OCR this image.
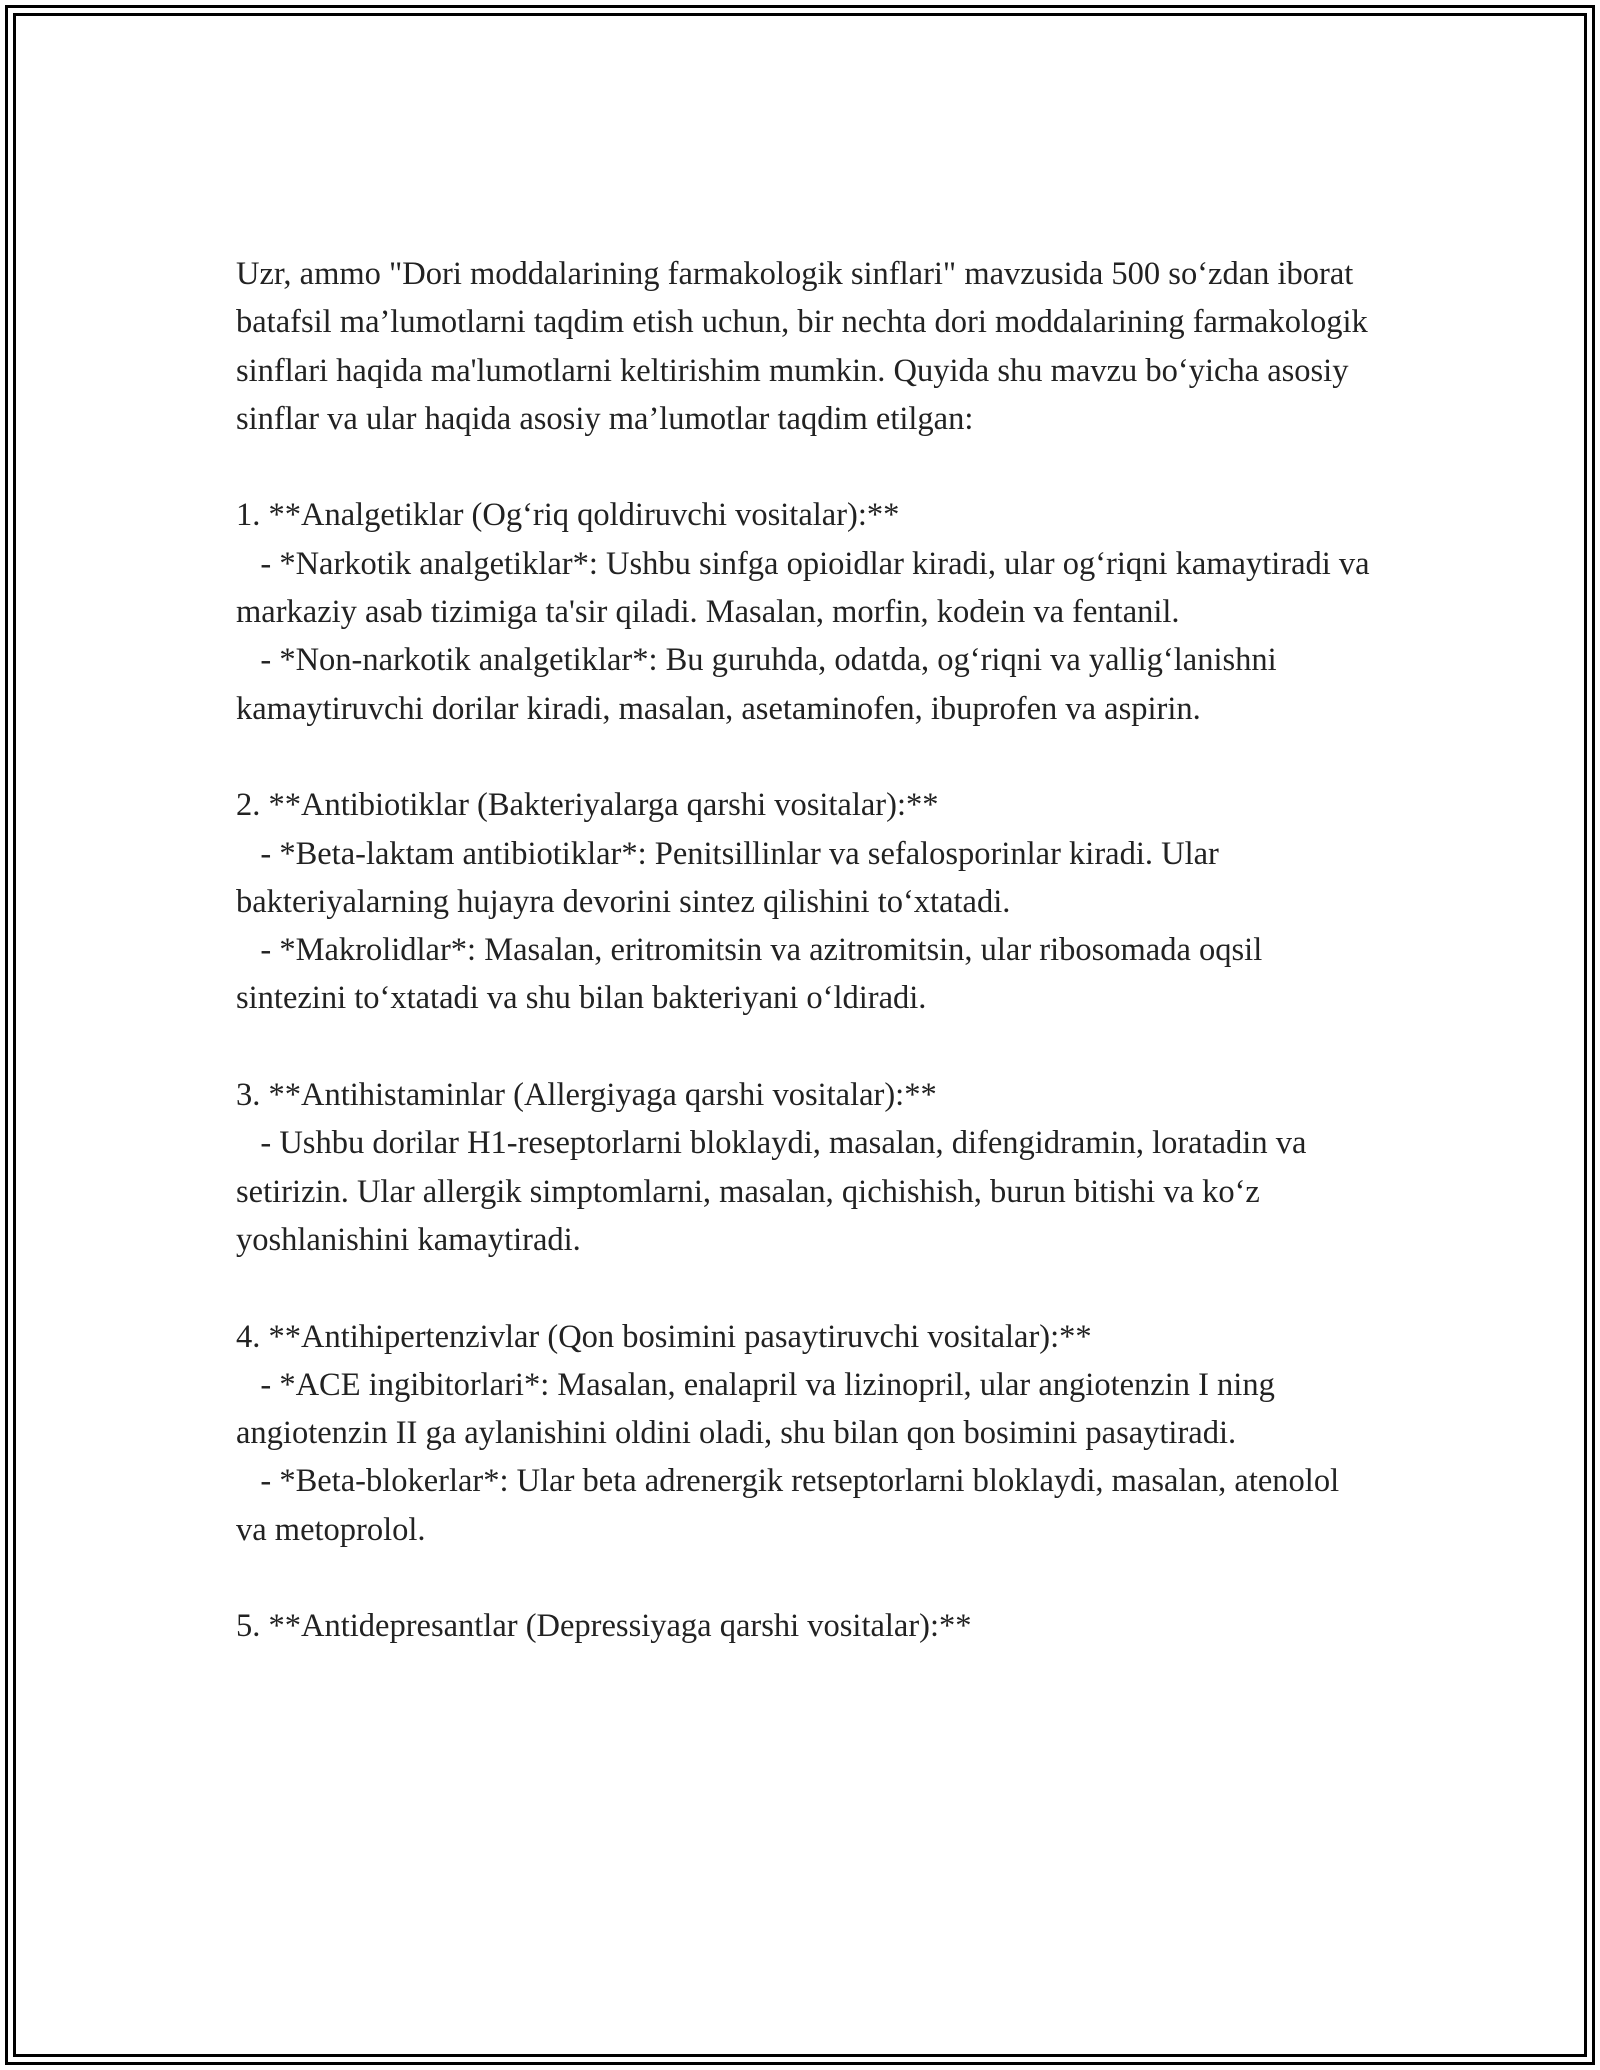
Uzr, ammo "Dori moddalarining farmakologik sinflari" mavzusida 500 so‘zdan iborat batafsil ma’lumotlarni taqdim etish uchun, bir nechta dori moddalarining farmakologik sinflari haqida ma'lumotlarni keltirishim mumkin. Quyida shu mavzu bo‘yicha asosiy sinflar va ular haqida asosiy ma’lumotlar taqdim etilgan:

1. **Analgetiklar (Og‘riq qoldiruvchi vositalar):**

- *Narkotik analgetiklar*: Ushbu sinfga opioidlar kiradi, ular og‘riqni kamaytiradi va markaziy asab tizimiga ta'sir qiladi. Masalan, morfin, kodein va fentanil.

- *Non-narkotik analgetiklar*: Bu guruhda, odatda, og‘riqni va yallig‘lanishni kamaytiruvchi dorilar kiradi, masalan, asetaminofen, ibuprofen va aspirin.

2. **Antibiotiklar (Bakteriyalarga qarshi vositalar):**

- *Beta-laktam antibiotiklar*: Penitsillinlar va sefalosporinlar kiradi. Ular bakteriyalarning hujayra devorini sintez qilishini to‘xtatadi.

- *Makrolidlar*: Masalan, eritromitsin va azitromitsin, ular ribosomada oqsil sintezini to‘xtatadi va shu bilan bakteriyani o‘ldiradi.

3. **Antihistaminlar (Allergiyaga qarshi vositalar):**

- Ushbu dorilar H1-reseptorlarni bloklaydi, masalan, difengidramin, loratadin va setirizin. Ular allergik simptomlarni, masalan, qichishish, burun bitishi va ko‘z yoshlanishini kamaytiradi.

4. **Antihipertenzivlar (Qon bosimini pasaytiruvchi vositalar):**

- *ACE ingibitorlari*: Masalan, enalapril va lizinopril, ular angiotenzin I ning angiotenzin II ga aylanishini oldini oladi, shu bilan qon bosimini pasaytiradi.

- *Beta-blokerlar*: Ular beta adrenergik retseptorlarni bloklaydi, masalan, atenolol va metoprolol.

5. **Antidepresantlar (Depressiyaga qarshi vositalar):**
